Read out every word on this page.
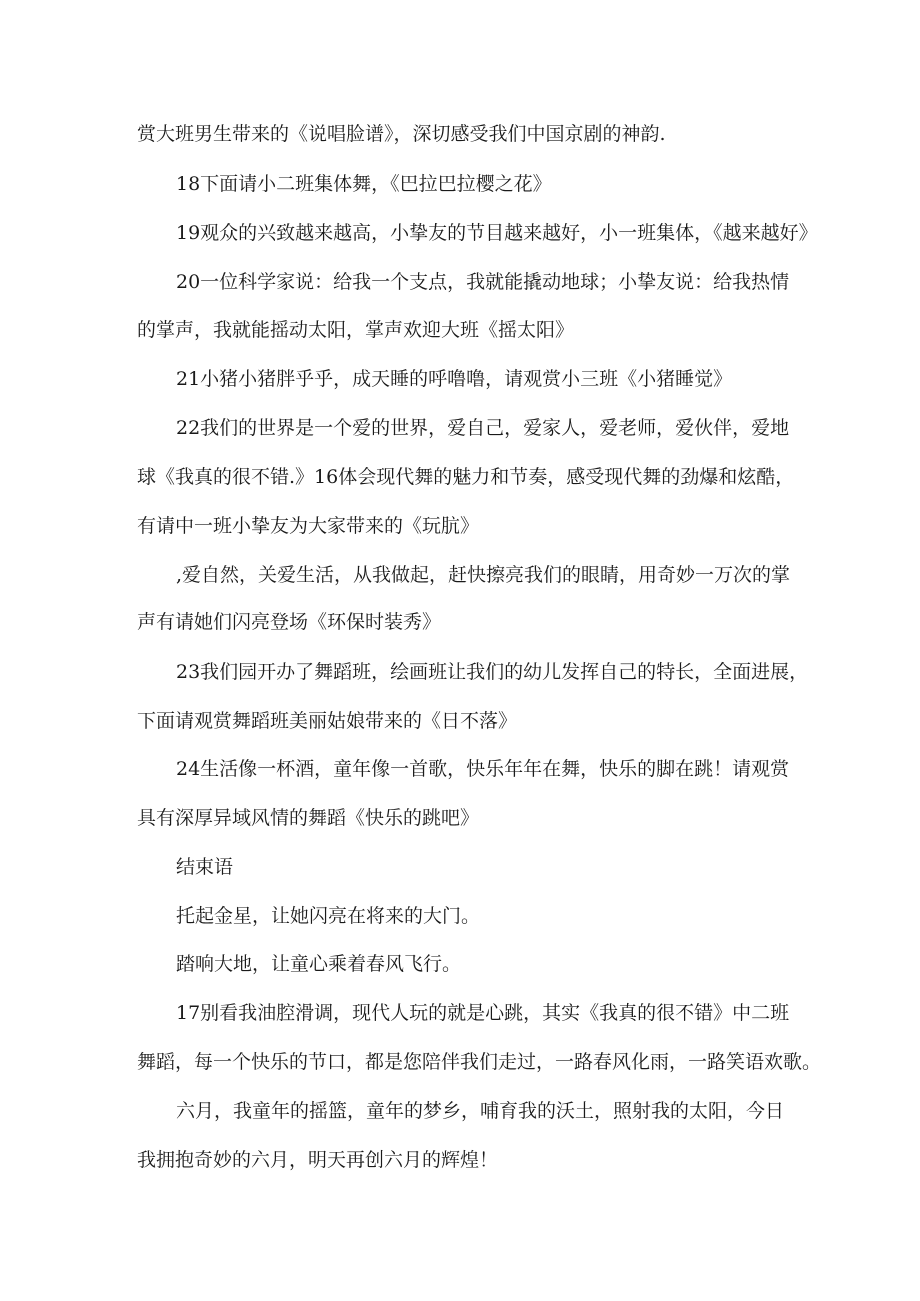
赏大班男生带来的《说唱脸谱》，深切感受我们中国京剧的神韵.
18下面请小二班集体舞，《巴拉巴拉樱之花》
19观众的兴致越来越高，小挚友的节目越来越好，小一班集体，《越来越好》
20一位科学家说：给我一个支点，我就能撬动地球；小挚友说：给我热情
的掌声，我就能摇动太阳，掌声欢迎大班《摇太阳》
21小猪小猪胖乎乎，成天睡的呼噜噜，请观赏小三班《小猪睡觉》
22我们的世界是一个爱的世界，爱自己，爱家人，爱老师，爱伙伴，爱地
球《我真的很不错.》16体会现代舞的魅力和节奏，感受现代舞的劲爆和炫酷，
有请中一班小挚友为大家带来的《玩肮》
,爱自然，关爱生活，从我做起，赶快擦亮我们的眼睛，用奇妙一万次的掌
声有请她们闪亮登场《环保时装秀》
23我们园开办了舞蹈班，绘画班让我们的幼儿发挥自己的特长，全面进展，
下面请观赏舞蹈班美丽姑娘带来的《日不落》
24生活像一杯酒，童年像一首歌，快乐年年在舞，快乐的脚在跳！请观赏
具有深厚异域风情的舞蹈《快乐的跳吧》
结束语
托起金星，让她闪亮在将来的大门。
踏响大地，让童心乘着春风飞行。
17别看我油腔滑调，现代人玩的就是心跳，其实《我真的很不错》中二班
舞蹈，每一个快乐的节口，都是您陪伴我们走过，一路春风化雨，一路笑语欢歌。
六月，我童年的摇篮，童年的梦乡，哺育我的沃土，照射我的太阳，今日
我拥抱奇妙的六月，明天再创六月的辉煌！
